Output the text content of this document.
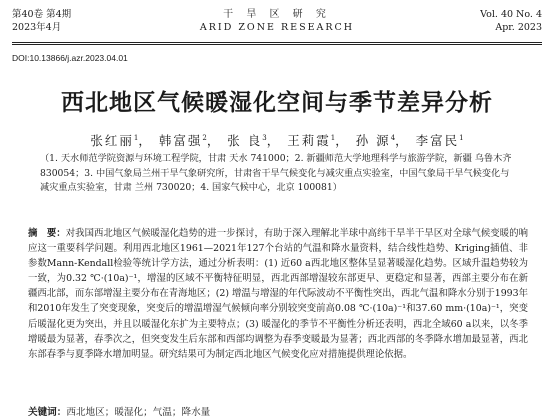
第40卷 第4期
2023年4月
干 旱 区 研 究
ARID ZONE RESEARCH
Vol. 40 No. 4
Apr. 2023
DOI:10.13866/j.azr.2023.04.01
西北地区气候暖湿化空间与季节差异分析
张红丽$^1$， 韩富强$^2$， 张 良$^3$， 王莉霞$^1$， 孙 源$^4$， 李富民$^1$
（1. 天水师范学院资源与环境工程学院，甘肃 天水 741000；2. 新疆师范大学地理科学与旅游学院，新疆 乌鲁木齐 830054；3. 中国气象局兰州干旱气象研究所，甘肃省干旱气候变化与减灾重点实验室，中国气象局干旱气候变化与减灾重点实验室，甘肃 兰州 730020；4. 国家气候中心，北京 100081）
摘　要：对我国西北地区气候暖湿化趋势的进一步探讨，有助于深入理解北半球中高纬干旱半干旱区对全球气候变暖的响应这一重要科学问题。利用西北地区1961—2021年127个台站的气温和降水量资料，结合线性趋势、Kriging插值、非参数Mann-Kendall检验等统计学方法，通过分析表明：(1) 近60 a西北地区整体呈显著暖湿化趋势。区域升温趋势较为一致，为0.32 ℃·(10a)⁻¹，增湿的区域不平衡特征明显，西北西部增湿较东部更早、更稳定和显著，西部主要分布在新疆西北部，而东部增湿主要分布在青海地区；(2) 增温与增湿的年代际波动不平衡性突出，西北气温和降水分别于1993年和2010年发生了突变现象，突变后的增温增湿气候倾向率分别较突变前高0.08 ℃·(10a)⁻¹和37.60 mm·(10a)⁻¹，突变后暖湿化更为突出，并且以暖湿化东扩为主要特点；(3) 暖湿化的季节不平衡性分析还表明，西北全域60 a以来，以冬季增暖最为显著，春季次之，但突变发生后东部和西部均调整为春季变暖最为显著；西北西部的冬季降水增加最显著，西北东部春季与夏季降水增加明显。研究结果可为制定西北地区气候变化应对措施提供理论依据。
关键词：西北地区；暖湿化；气温；降水量
